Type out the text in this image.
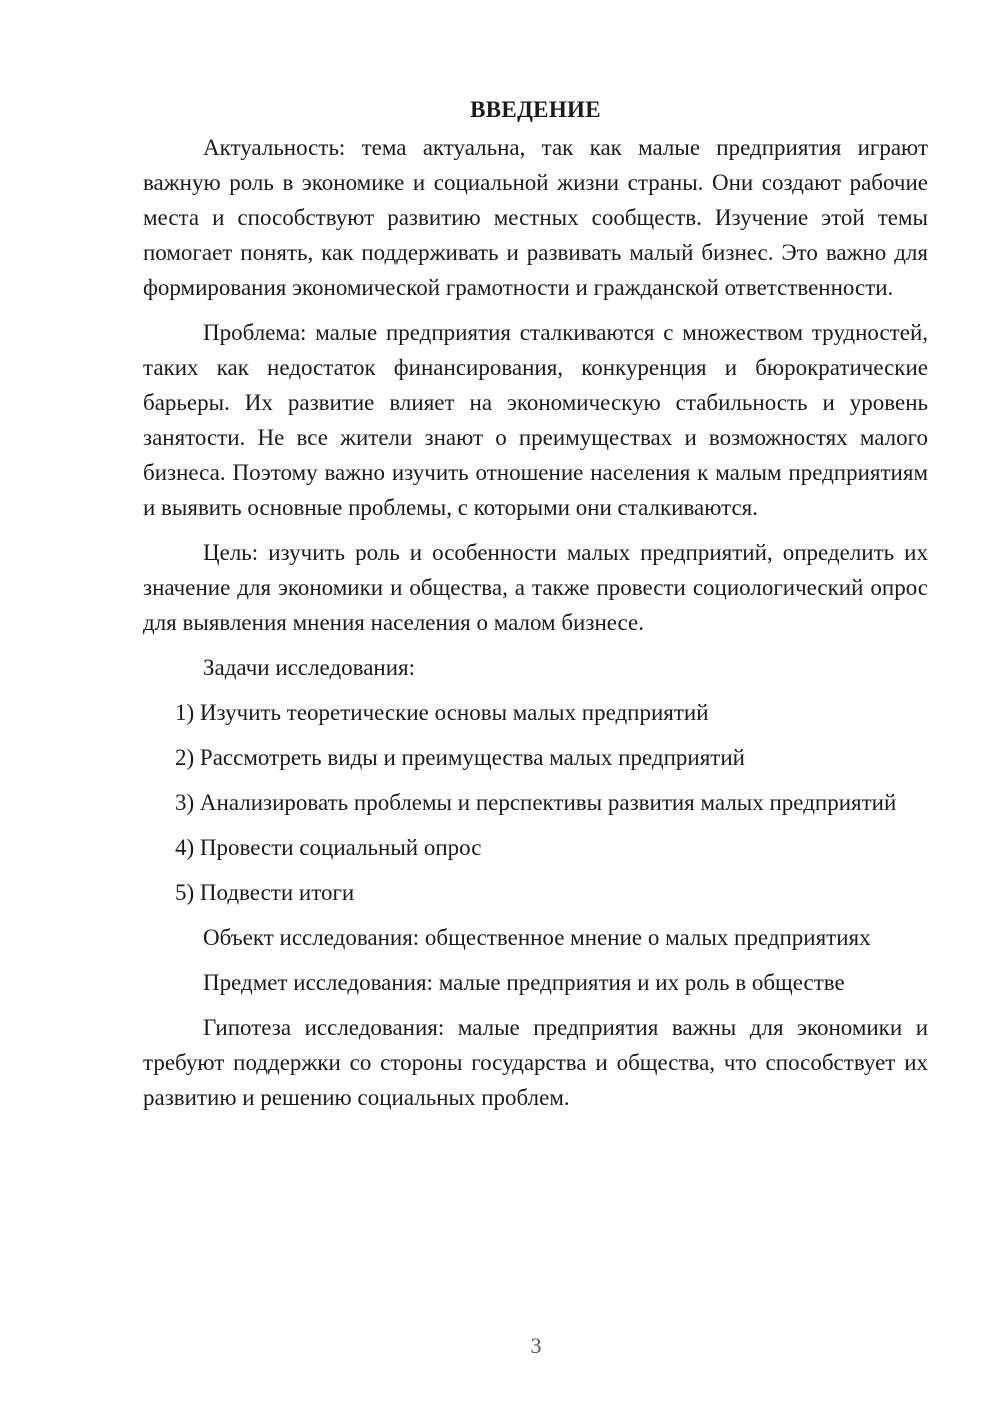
ВВЕДЕНИЕ

Актуальность: тема актуальна, так как малые предприятия играют важную роль в экономике и социальной жизни страны. Они создают рабочие места и способствуют развитию местных сообществ. Изучение этой темы помогает понять, как поддерживать и развивать малый бизнес. Это важно для формирования экономической грамотности и гражданской ответственности.

Проблема: малые предприятия сталкиваются с множеством трудностей, таких как недостаток финансирования, конкуренция и бюрократические барьеры. Их развитие влияет на экономическую стабильность и уровень занятости. Не все жители знают о преимуществах и возможностях малого бизнеса. Поэтому важно изучить отношение населения к малым предприятиям и выявить основные проблемы, с которыми они сталкиваются.

Цель: изучить роль и особенности малых предприятий, определить их значение для экономики и общества, а также провести социологический опрос для выявления мнения населения о малом бизнесе.

Задачи исследования:

1) Изучить теоретические основы малых предприятий

2) Рассмотреть виды и преимущества малых предприятий

3) Анализировать проблемы и перспективы развития малых предприятий

4) Провести социальный опрос

5) Подвести итоги

Объект исследования: общественное мнение о малых предприятиях

Предмет исследования: малые предприятия и их роль в обществе

Гипотеза исследования: малые предприятия важны для экономики и требуют поддержки со стороны государства и общества, что способствует их развитию и решению социальных проблем.

3
